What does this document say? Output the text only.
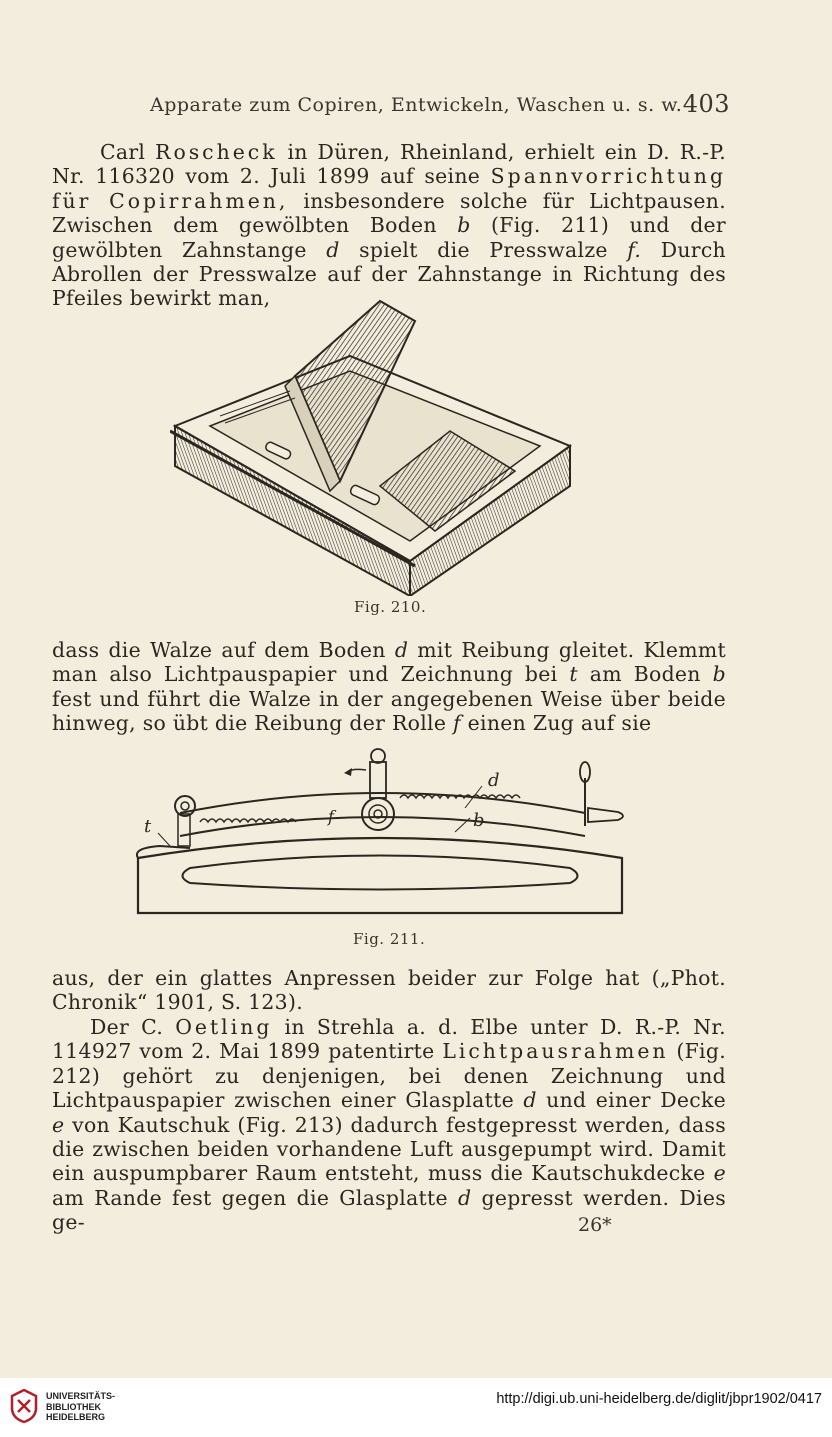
Apparate zum Copiren, Entwickeln, Waschen u. s. w. 403

Carl Roscheck in Düren, Rheinland, erhielt ein D. R.-P. Nr. 116320 vom 2. Juli 1899 auf seine Spannvorrichtung für Copirrahmen, insbesondere solche für Lichtpausen. Zwischen dem gewölbten Boden b (Fig. 211) und der gewölbten Zahnstange d spielt die Presswalze f. Durch Abrollen der Presswalze auf der Zahnstange in Richtung des Pfeiles bewirkt man,

Fig. 210.

dass die Walze auf dem Boden d mit Reibung gleitet. Klemmt man also Lichtpauspapier und Zeichnung bei t am Boden b fest und führt die Walze in der angegebenen Weise über beide hinweg, so übt die Reibung der Rolle f einen Zug auf sie

d
b
f–
t
Fig. 211.

aus, der ein glattes Anpressen beider zur Folge hat („Phot. Chronik“ 1901, S. 123).

Der C. Oetling in Strehla a. d. Elbe unter D. R.-P. Nr. 114927 vom 2. Mai 1899 patentirte Lichtpausrahmen (Fig. 212) gehört zu denjenigen, bei denen Zeichnung und Lichtpauspapier zwischen einer Glasplatte d und einer Decke e von Kautschuk (Fig. 213) dadurch festgepresst werden, dass die zwischen beiden vorhandene Luft ausgepumpt wird. Damit ein auspumpbarer Raum entsteht, muss die Kautschukdecke e am Rande fest gegen die Glasplatte d gepresst werden. Dies ge-	26*
UNIVERSITÄTS-
BIBLIOTHEK
HEIDELBERG
http://digi.ub.uni-heidelberg.de/diglit/jbpr1902/0417
